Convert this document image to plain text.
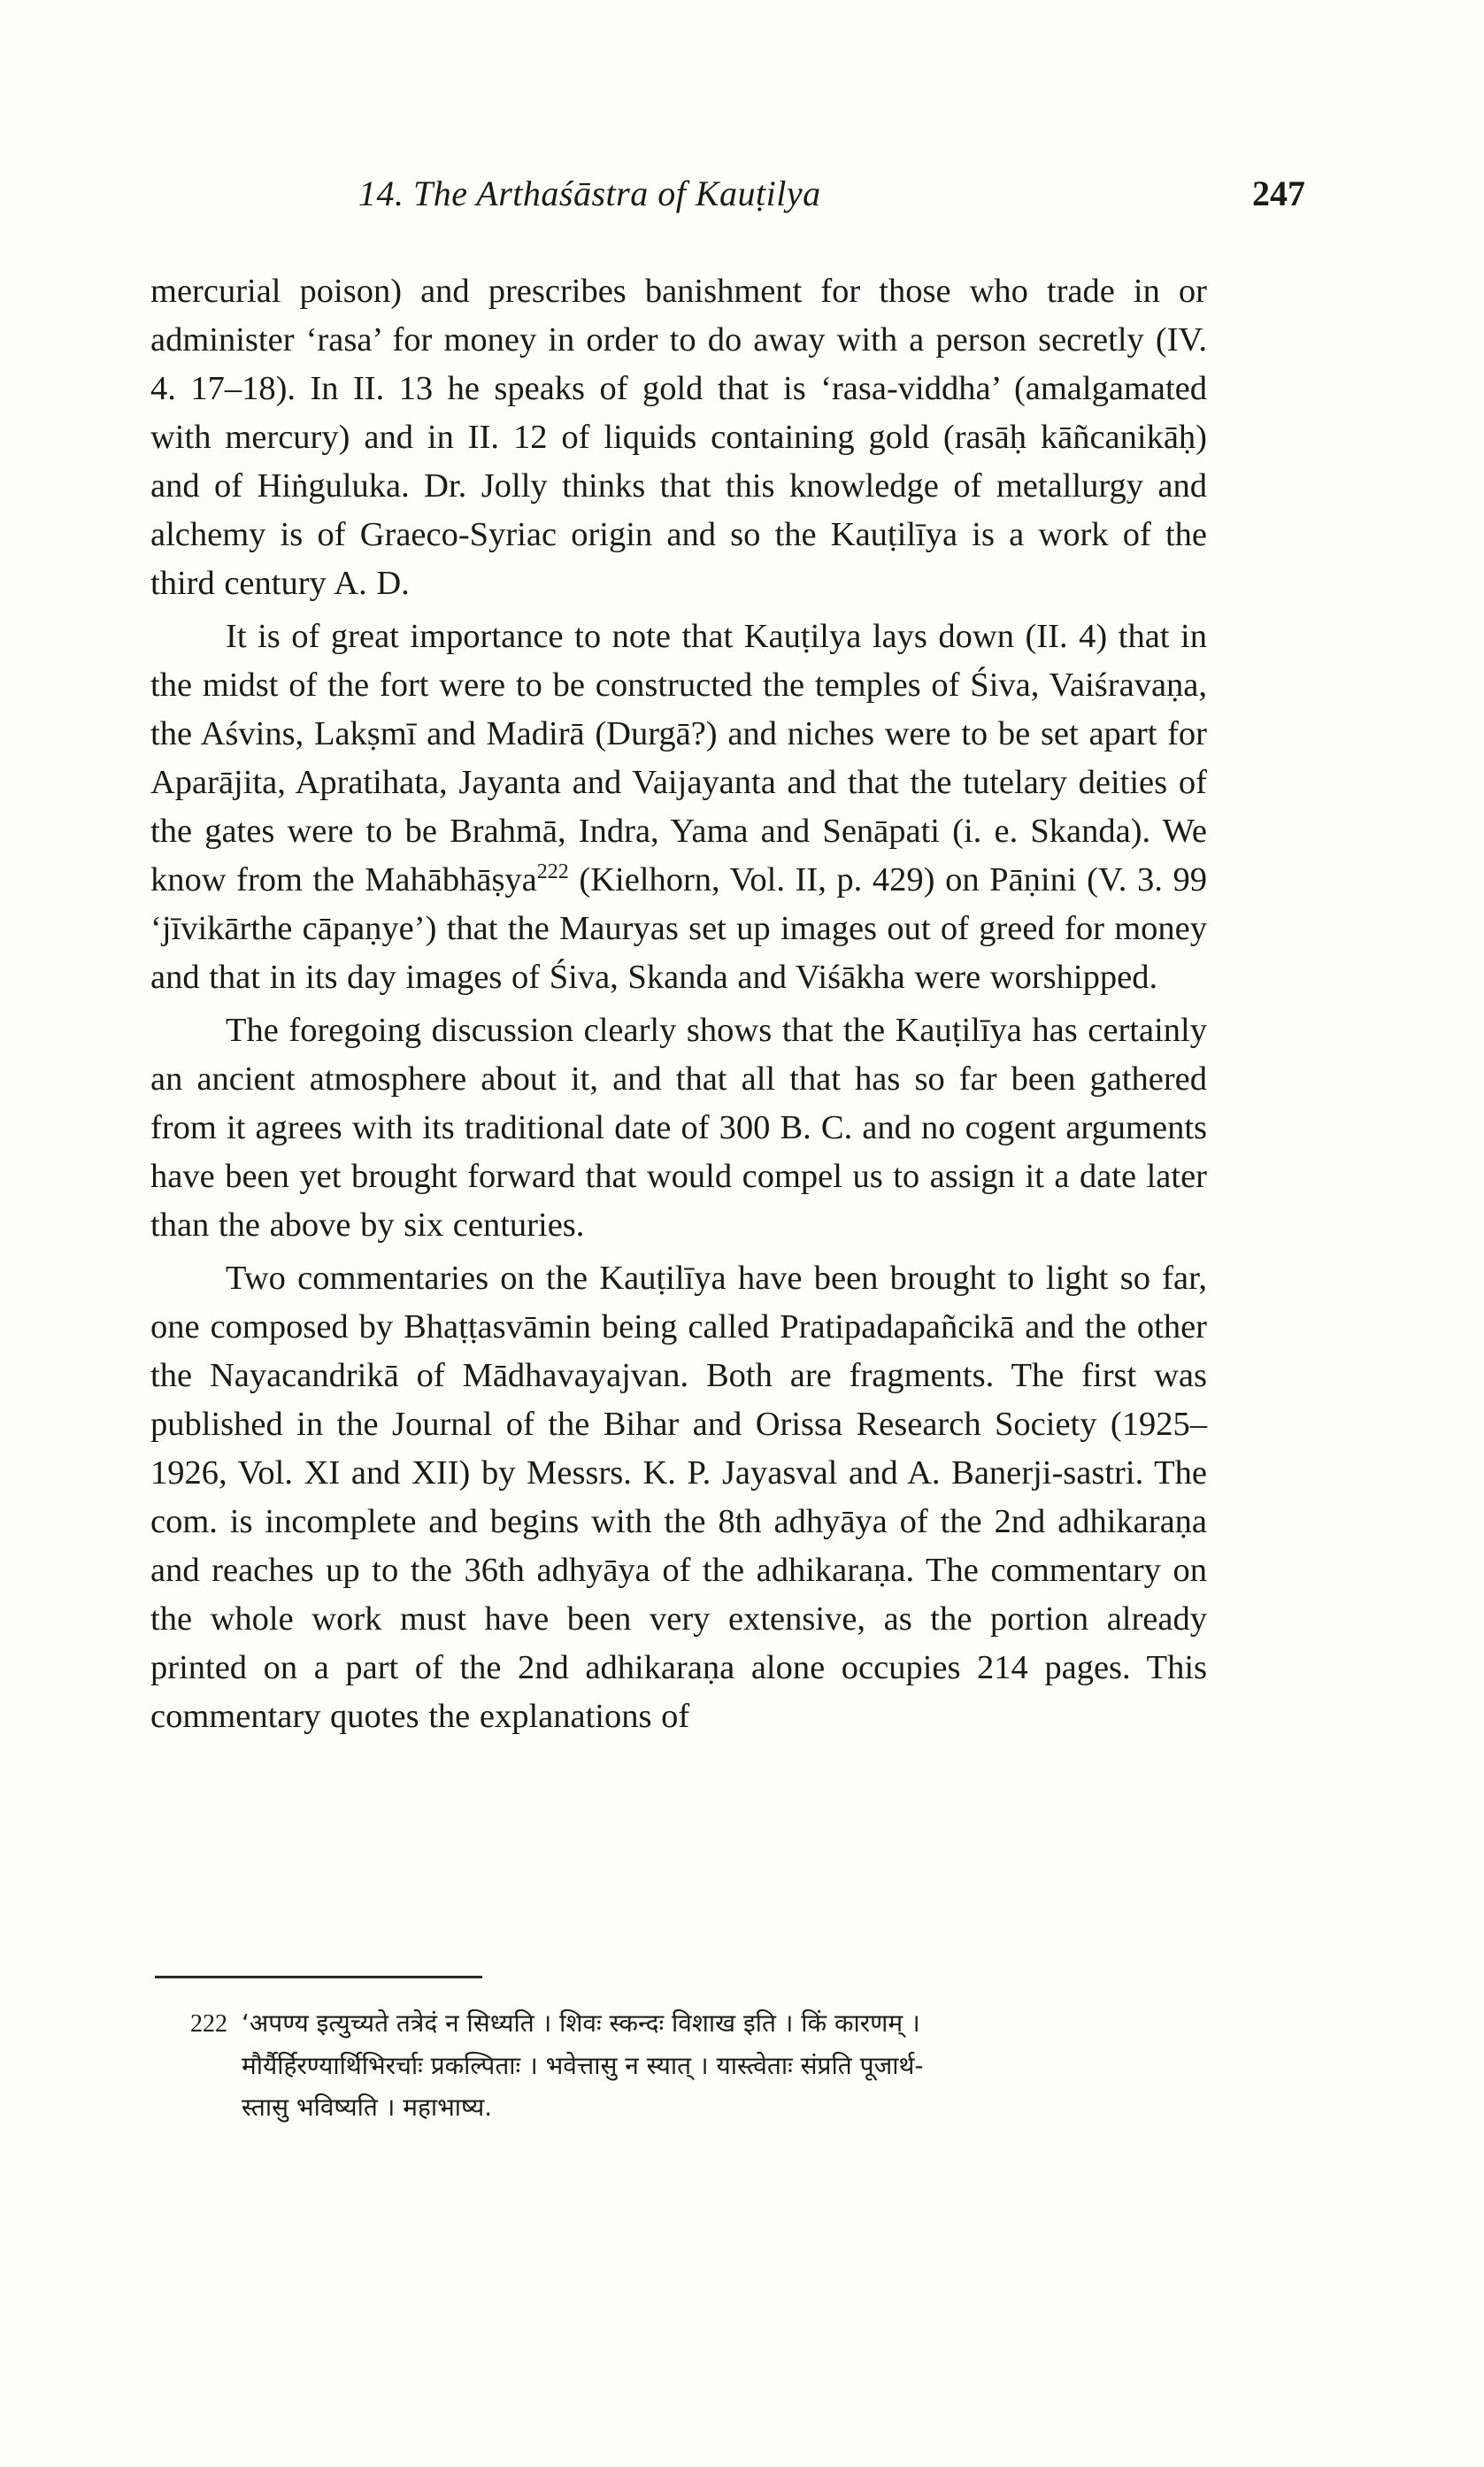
14. The Arthaśāstra of Kauṭilya	247

mercurial poison) and prescribes banishment for those who trade in or administer ‘rasa’ for money in order to do away with a person secretly (IV. 4. 17–18). In II. 13 he speaks of gold that is ‘rasa-viddha’ (amalgamated with mercury) and in II. 12 of liquids containing gold (rasāḥ kāñcanikāḥ) and of Hiṅguluka. Dr. Jolly thinks that this knowledge of metallurgy and alchemy is of Graeco-Syriac origin and so the Kauṭilīya is a work of the third century A. D.

It is of great importance to note that Kauṭilya lays down (II. 4) that in the midst of the fort were to be constructed the temples of Śiva, Vaiśravaṇa, the Aśvins, Lakṣmī and Madirā (Durgā?) and niches were to be set apart for Aparājita, Apratihata, Jayanta and Vaijayanta and that the tutelary deities of the gates were to be Brahmā, Indra, Yama and Senāpati (i. e. Skanda). We know from the Mahābhāṣya$^{222}$ (Kielhorn, Vol. II, p. 429) on Pāṇini (V. 3. 99 ‘jīvikārthe cāpaṇye’) that the Mauryas set up images out of greed for money and that in its day images of Śiva, Skanda and Viśākha were worshipped.

The foregoing discussion clearly shows that the Kauṭilīya has certainly an ancient atmosphere about it, and that all that has so far been gathered from it agrees with its traditional date of 300 B. C. and no cogent arguments have been yet brought forward that would compel us to assign it a date later than the above by six centuries.

Two commentaries on the Kauṭilīya have been brought to light so far, one composed by Bhaṭṭasvāmin being called Pratipadapañcikā and the other the Nayacandrikā of Mādhavayajvan. Both are fragments. The first was published in the Journal of the Bihar and Orissa Research Society (1925–1926, Vol. XI and XII) by Messrs. K. P. Jayasval and A. Banerji-sastri. The com. is incomplete and begins with the 8th adhyāya of the 2nd adhikaraṇa and reaches up to the 36th adhyāya of the adhikaraṇa. The commentary on the whole work must have been very extensive, as the portion already printed on a part of the 2nd adhikaraṇa alone occupies 214 pages. This commentary quotes the explanations of

222 ‘अपण्य इत्युच्यते तत्रेदं न सिध्यति । शिवः स्कन्दः विशाख इति । किं कारणम् ।
मौर्यैर्हिरण्यार्थिभिरर्चाः प्रकल्पिताः । भवेत्तासु न स्यात् । यास्त्वेताः संप्रति पूजार्थ-
स्तासु भविष्यति । महाभाष्य.
